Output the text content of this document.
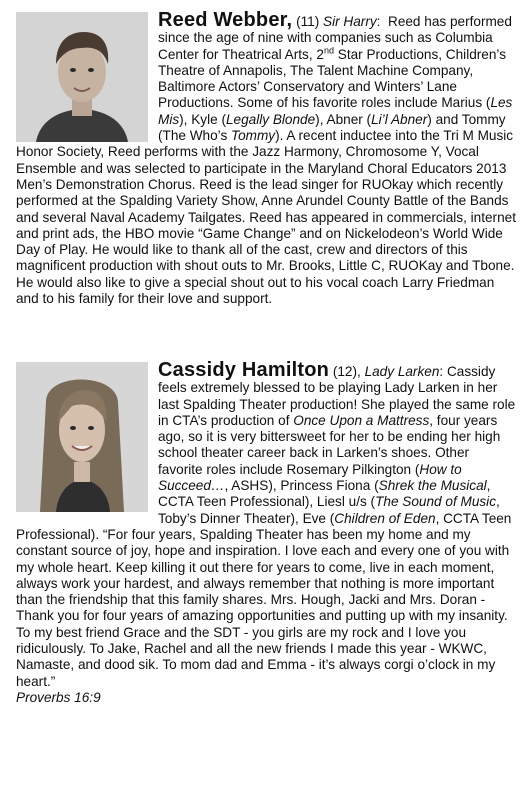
Reed Webber, (11) Sir Harry:  Reed has performed since the age of nine with companies such as Columbia Center for Theatrical Arts, 2nd Star Productions, Children’s Theatre of Annapolis, The Talent Machine Company, Baltimore Actors’ Conservatory and Winters’ Lane Productions. Some of his favorite roles include Marius (Les Mis), Kyle (Legally Blonde), Abner (Li’l Abner) and Tommy (The Who’s Tommy). A recent inductee into the Tri M Music Honor Society, Reed performs with the Jazz Harmony, Chromosome Y, Vocal Ensemble and was selected to participate in the Maryland Choral Educators 2013 Men’s Demonstration Chorus. Reed is the lead singer for RUOkay which recently performed at the Spalding Variety Show, Anne Arundel County Battle of the Bands and several Naval Academy Tailgates. Reed has appeared in commercials, internet and print ads, the HBO movie “Game Change” and on Nickelodeon’s World Wide Day of Play. He would like to thank all of the cast, crew and directors of this magnificent production with shout outs to Mr. Brooks, Little C, RUOKay and Tbone. He would also like to give a special shout out to his vocal coach Larry Friedman and to his family for their love and support.
Cassidy Hamilton (12), Lady Larken: Cassidy feels extremely blessed to be playing Lady Larken in her last Spalding Theater production! She played the same role in CTA’s production of Once Upon a Mattress, four years ago, so it is very bittersweet for her to be ending her high school theater career back in Larken’s shoes. Other favorite roles include Rosemary Pilkington (How to Succeed…, ASHS), Princess Fiona (Shrek the Musical, CCTA Teen Professional), Liesl u/s (The Sound of Music, Toby’s Dinner Theater), Eve (Children of Eden, CCTA Teen Professional). “For four years, Spalding Theater has been my home and my constant source of joy, hope and inspiration. I love each and every one of you with my whole heart. Keep killing it out there for years to come, live in each moment, always work your hardest, and always remember that nothing is more important than the friendship that this family shares. Mrs. Hough, Jacki and Mrs. Doran - Thank you for four years of amazing opportunities and putting up with my insanity. To my best friend Grace and the SDT - you girls are my rock and I love you ridiculously. To Jake, Rachel and all the new friends I made this year - WKWC, Namaste, and dood sik. To mom dad and Emma - it’s always corgi o’clock in my heart.”
Proverbs 16:9
